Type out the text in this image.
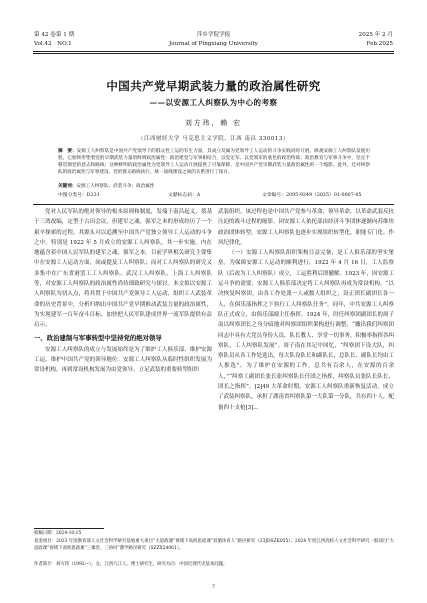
第 42 卷第 1 期
Vol.42　NO.1
萍乡学院学报
Journal of Pingxiang University
2025 年 2 月
Feb.2025
中国共产党早期武装力量的政治属性研究
——以安源工人纠察队为中心的考察
刘方玮，赖 宏
（江西财经大学 马克思主义学院，江西 南昌 330013）
摘　要：安源工人纠察队是中国共产党领导下的群众性工运的有生力量，其成立及属为党领导工人运动的斗争实践同时开展。纵观安源工人纠察队发展历程，它始终形塑着党的早期武装力量的鲜明政治属性：政治建党与军事相结合，以党定军、以党领军的底色的政治特质；政治教育与军事斗争中，坚定不移贯彻党的意志和路线；这种鲜明的政治属性为党领导工人运动开展提供了可靠保障，是中国共产党早期武装力量政治属性的一个缩影。此外，还对纠察队的政治属性与军事建设、党的群众路线执行、统一战线建设之间的关系进行了探讨。
关键词：安源工人纠察队；武装斗争；政治属性
中图分类号：D231	文献标志码：A	文章编号：2095-9249（2025）01-0007-05

党对人民军队的绝对领导的根本原则和制度，发端于南昌起义，奠基于三湾改编，定型于古田会议，但建军之魂、强军之本的形成经历了一个艰辛探索的过程，其源头可以追溯至中国共产党独立领导工人运动的斗争之中。特别是 1922 年 5 月成立的安源工人纠察队，其一步实施，内在地蕴含着中国人民军队的建军之魂、强军之本。目前学界相关研究主要集中在安源工人运动方面，间或提及工人纠察队；而对工人纠察队的研究又多集中在广东省港罢工工人纠察队、武汉工人纠察队、上海工人纠察队等，对安源工人纠察队的政治属性尚待细致研究与探讨。本文拟以安源工人纠察队为切入点，将其置于中国共产党领导工人运动、组织工人武装革命的历史背景中，分析归纳出中国共产党早期推动武装力量的政治属性，为实现建军一百年奋斗目标、加快把人民军队建成世界一流军队提供有益启示。

一、政治建制与军事转型中坚持党的绝对领导

安源工人纠察队的成立与发展始终是为了维护工人俱乐部、维护安源工运、维护中国共产党的领导地位。安源工人纠察队从临时性组织发展为常设机构，再到常设机构发展为由党领导、立足武装的重要转型组织

武装组织，该过程也是中国共产党参与革命、领导革命，以革命武装反抗压迫的战斗过程的缩影。因安源工人依托部由经济斗争团体逐渐向苏维埃政治团体转型，安源工人纠察队也逐步实现组织转型化、职能专门化、作风纪律化。

（一）安源工人纠察队组织架构日益完备，是工人俱乐部的坚实堡垒。为保障安源工人运动的顺利进行，1922 年 4 月 16 日，工人监察队（后改为工人纠察队）成立，工运胜利后即撤解。1923 年，因安源工运斗争的需要，安源工人俱乐部决定将工人纠察队再成为常设机构，“以决恢复纠察团，由各工作处派一人或数人组织之，设正团长副团长各一人，在俱乐部指挥之下执行工人纠察队任务”。同年，中共安源工人纠察队正式成立，由俱乐部副主任指挥。1924 年，时任纠察团副团长的周子南以纠察团长之身分暗地对纠察团组织架构进行调整，“撤出我们纠察团同志中具有大党员身份人员，队长教人，享堂一切事务，积极率指挥各纠察队，工人纠察队发展”。周子南在其记中回忆，“纠察团下设大队，纠察队员从各工作处选出，每大队设队长和副队长，总队长、副队长均由工人推选”。为了维护在安源的工作，总共有百余人，在安源的百余人，”“纠察工副团长张长张纠察队长任团之指挥，纠察队员张队长队长、团长之指挥”。[2]49 大革命时期，安源工人纠察队重新恢复活动，成立了武装纠察队，承担了湖南省纠察队第一大队第一分队，共有四十人，配备四十支枪[3]...

收稿日期：2024-10-15
基金项目：2023 年度教育部人文社会科学研究基地重大项目“大思政课”视域下高校思政课“双循环育人”路径研究（23JDSZK055）；2024 年度江西高校人文社会科学研究一般项目“大思政课”视域下高校思政课“三课堂、三协同”教学路径研究（SZZX24061）。
作者简介：刘方玮（1992—），女，江西九江人，博士研究生，研究方向：中国近现代史基本问题。
7
